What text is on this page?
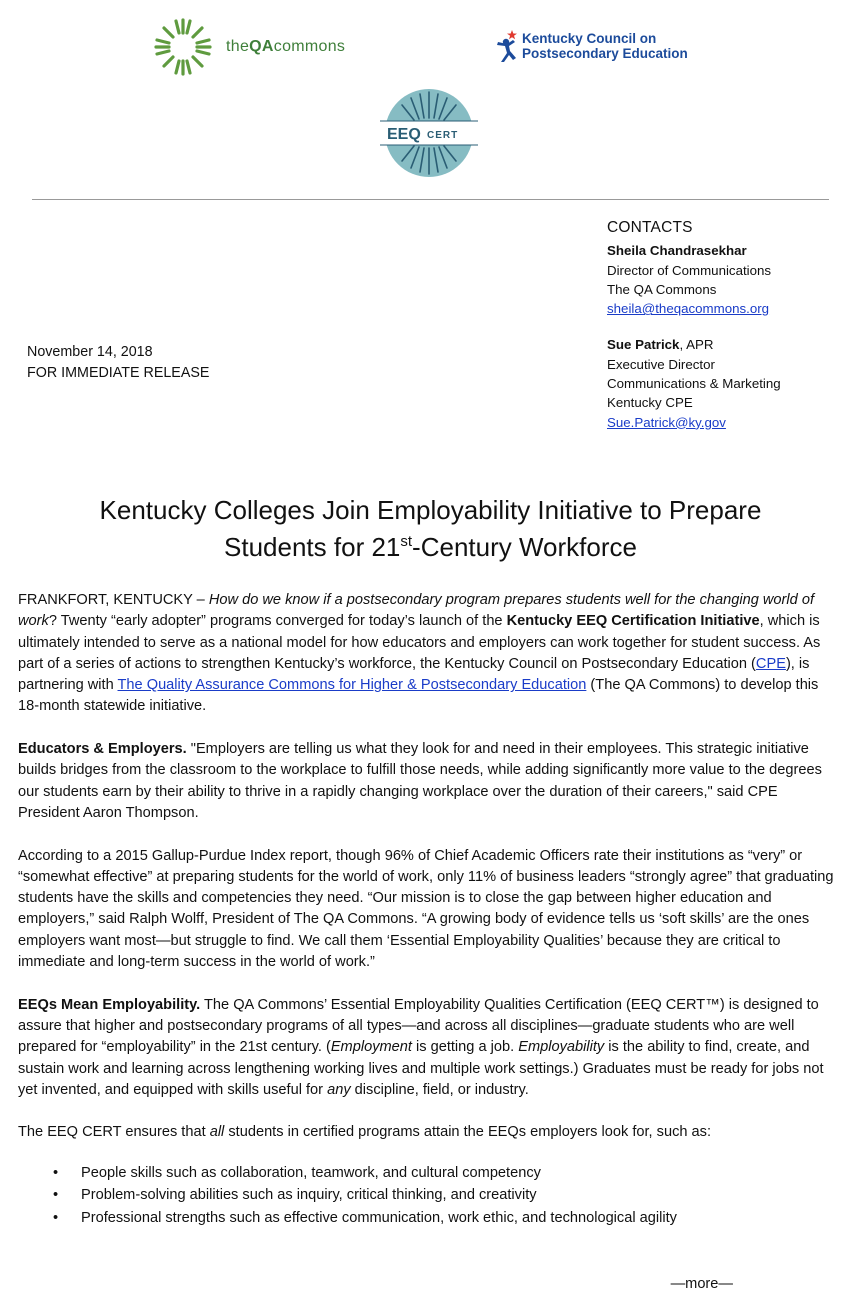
theQAcommons	Kentucky Council on
Postsecondary Education
EEQ CERT
CONTACTS
Sheila Chandrasekhar
Director of Communications
The QA Commons
sheila@theqacommons.org
Sue Patrick, APR
Executive Director
Communications & Marketing
Kentucky CPE
Sue.Patrick@ky.gov
November 14, 2018
FOR IMMEDIATE RELEASE
Kentucky Colleges Join Employability Initiative to Prepare
Students for 21st-Century Workforce

FRANKFORT, KENTUCKY – How do we know if a postsecondary program prepares students well for the changing world of work? Twenty “early adopter” programs converged for today’s launch of the Kentucky EEQ Certification Initiative, which is ultimately intended to serve as a national model for how educators and employers can work together for student success. As part of a series of actions to strengthen Kentucky’s workforce, the Kentucky Council on Postsecondary Education (CPE), is partnering with The Quality Assurance Commons for Higher & Postsecondary Education (The QA Commons) to develop this 18-month statewide initiative.

Educators & Employers. "Employers are telling us what they look for and need in their employees. This strategic initiative builds bridges from the classroom to the workplace to fulfill those needs, while adding significantly more value to the degrees our students earn by their ability to thrive in a rapidly changing workplace over the duration of their careers," said CPE President Aaron Thompson.

According to a 2015 Gallup-Purdue Index report, though 96% of Chief Academic Officers rate their institutions as “very” or “somewhat effective” at preparing students for the world of work, only 11% of business leaders “strongly agree” that graduating students have the skills and competencies they need. “Our mission is to close the gap between higher education and employers,” said Ralph Wolff, President of The QA Commons. “A growing body of evidence tells us ‘soft skills’ are the ones employers want most—but struggle to find. We call them ‘Essential Employability Qualities’ because they are critical to immediate and long-term success in the world of work.”

EEQs Mean Employability. The QA Commons’ Essential Employability Qualities Certification (EEQ CERT™) is designed to assure that higher and postsecondary programs of all types—and across all disciplines—graduate students who are well prepared for “employability” in the 21st century. (Employment is getting a job. Employability is the ability to find, create, and sustain work and learning across lengthening working lives and multiple work settings.) Graduates must be ready for jobs not yet invented, and equipped with skills useful for any discipline, field, or industry.

The EEQ CERT ensures that all students in certified programs attain the EEQs employers look for, such as:

• People skills such as collaboration, teamwork, and cultural competency
• Problem-solving abilities such as inquiry, critical thinking, and creativity
• Professional strengths such as effective communication, work ethic, and technological agility
—more—
